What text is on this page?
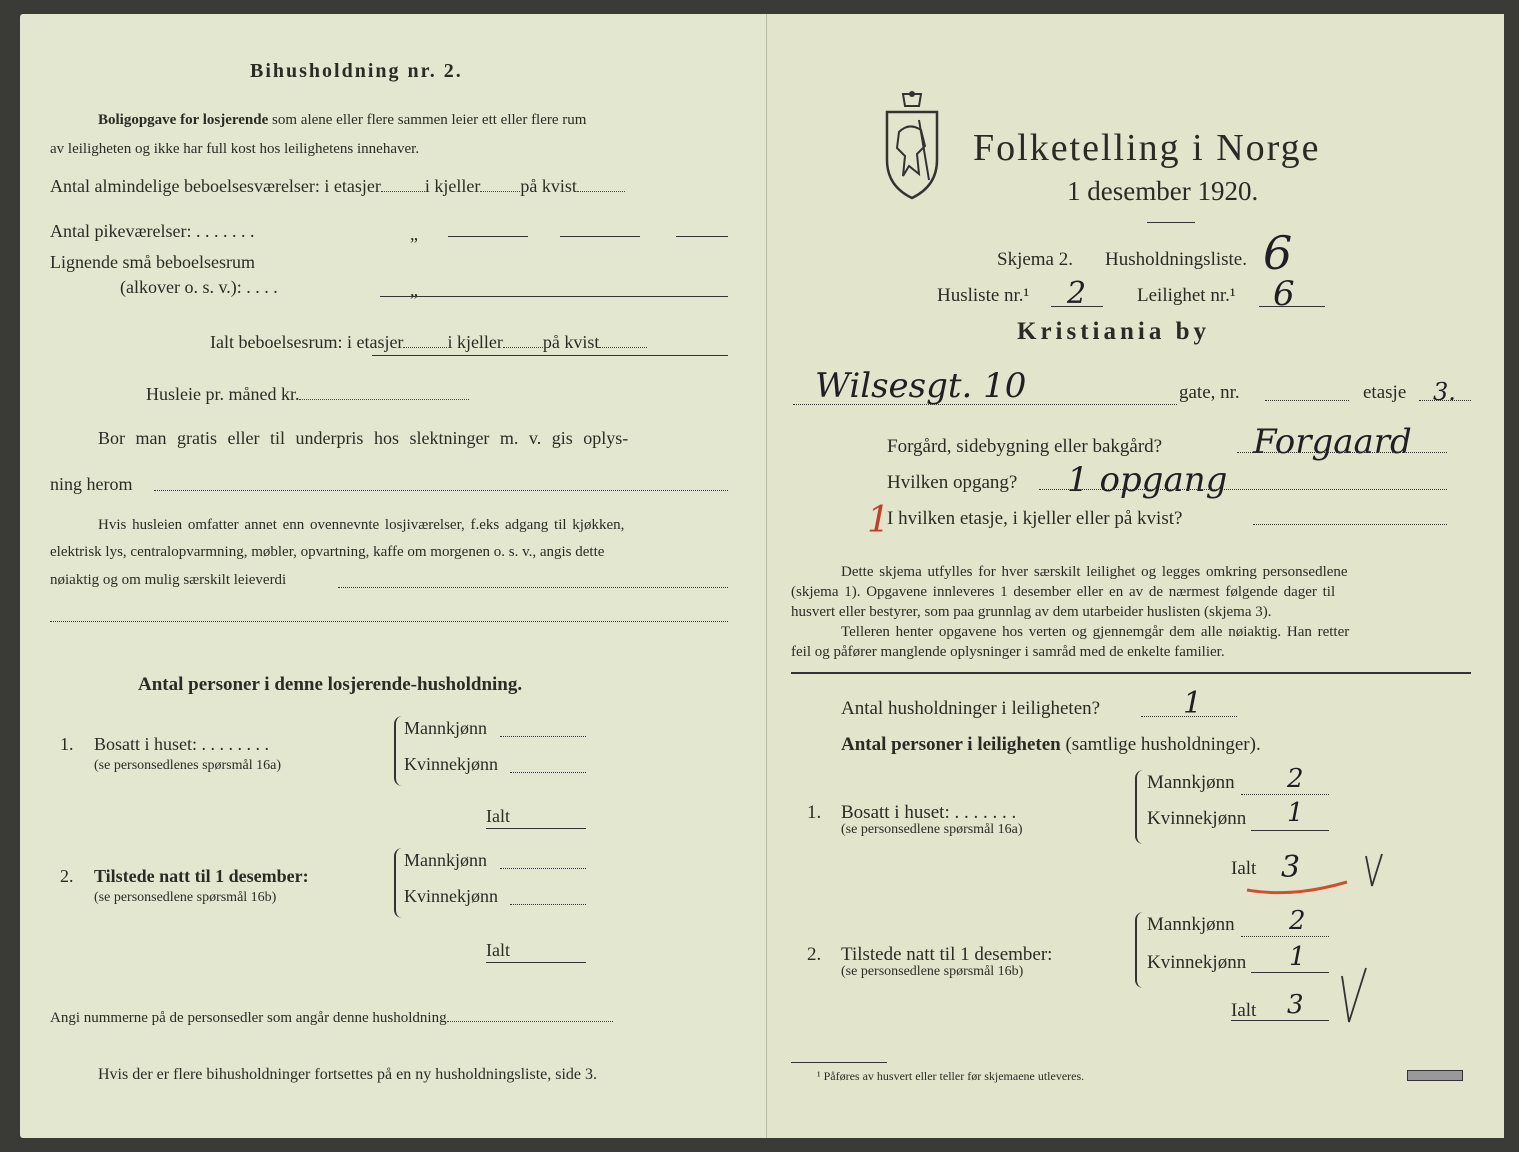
Bihusholdning nr. 2.
Boligopgave for losjerende som alene eller flere sammen leier ett eller flere rum
av leiligheten og ikke har full kost hos leilighetens innehaver.
Antal almindelige beboelsesværelser: i etasjer i kjeller på kvist
Antal pikeværelser: . . . . . . .	„
Lignende små beboelsesrum
(alkover o. s. v.): . . . .	„
Ialt beboelsesrum: i etasjer i kjeller på kvist
Husleie pr. måned kr.
Bor man gratis eller til underpris hos slektninger m. v. gis oplys-
ning herom
Hvis husleien omfatter annet enn ovennevnte losjiværelser, f.eks adgang til kjøkken,
elektrisk lys, centralopvarmning, møbler, opvartning, kaffe om morgenen o. s. v., angis dette
nøiaktig og om mulig særskilt leieverdi
Antal personer i denne losjerende-husholdning.
1. Bosatt i huset: . . . . . . . .
(se personsedlenes spørsmål 16a)
Mannkjønn
Kvinnekjønn
Ialt
2. Tilstede natt til 1 desember:
(se personsedlene spørsmål 16b)
Mannkjønn
Kvinnekjønn
Ialt
Angi nummerne på de personsedler som angår denne husholdning
Hvis der er flere bihusholdninger fortsettes på en ny husholdningsliste, side 3.
Folketelling i Norge
1 desember 1920.
Skjema 2. Husholdningsliste. 6
Husliste nr.¹ 2	Leilighet nr.¹ 6
Kristiania by
Wilsesgt. 10	gate, nr.	etasje 3.
Forgård, sidebygning eller bakgård?	Forgaard
Hvilken opgang? 1 opgang
1
I hvilken etasje, i kjeller eller på kvist?
Dette skjema utfylles for hver særskilt leilighet og legges omkring personsedlene
(skjema 1). Opgavene innleveres 1 desember eller en av de nærmest følgende dager til
husvert eller bestyrer, som paa grunnlag av dem utarbeider huslisten (skjema 3).
Telleren henter opgavene hos verten og gjennemgår dem alle nøiaktig. Han retter
feil og påfører manglende oplysninger i samråd med de enkelte familier.
Antal husholdninger i leiligheten?	1
Antal personer i leiligheten (samtlige husholdninger).
1. Bosatt i huset: . . . . . . .
(se personsedlene spørsmål 16a)
Mannkjønn 2
Kvinnekjønn 1
Ialt 3
2. Tilstede natt til 1 desember:
(se personsedlene spørsmål 16b)
Mannkjønn 2
Kvinnekjønn 1
Ialt 3
¹ Påføres av husvert eller teller før skjemaene utleveres.
